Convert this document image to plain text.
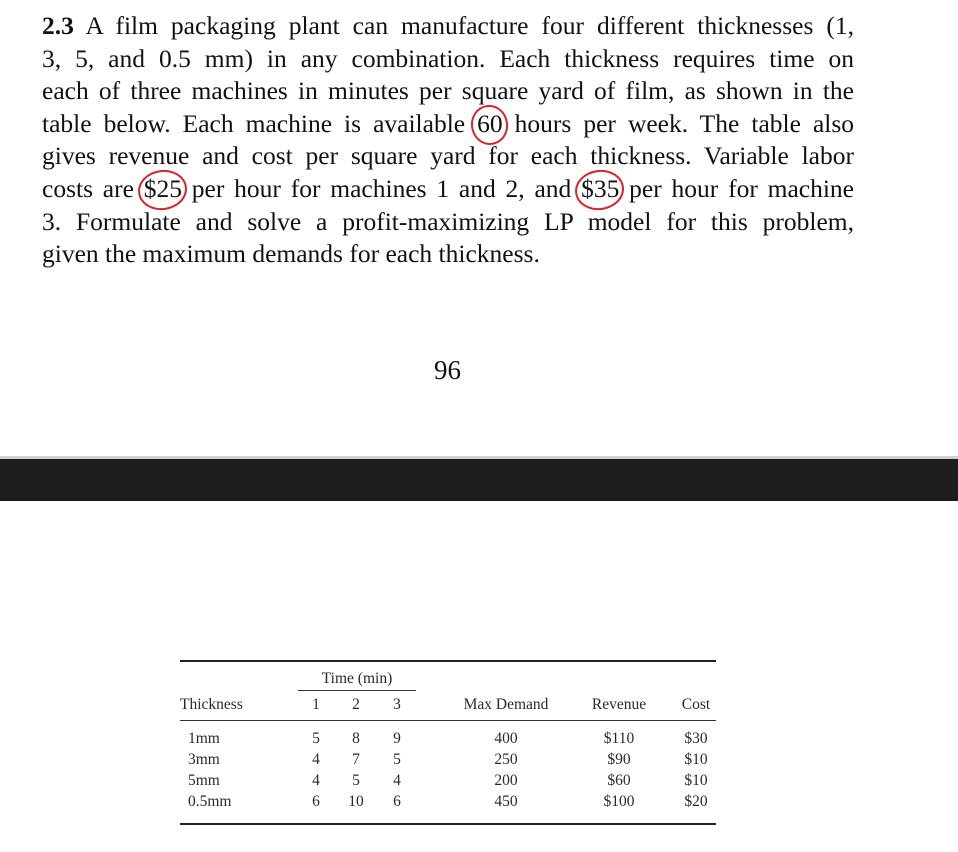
2.3 A film packaging plant can manufacture four different thicknesses (1,
3, 5, and 0.5 mm) in any combination. Each thickness requires time on
each of three machines in minutes per square yard of film, as shown in the
table below. Each machine is available 60 hours per week. The table also
gives revenue and cost per square yard for each thickness. Variable labor
costs are $25 per hour for machines 1 and 2, and $35 per hour for machine
3. Formulate and solve a profit-maximizing LP model for this problem,
given the maximum demands for each thickness.
96
Time (min)
Thickness	1 2 3	Max Demand	Revenue Cost
1mm	5 8 9	400	$110	$30
3mm	4 7 5	250	$90	$10
5mm	4 5 4	200	$60	$10
0.5mm	6 10 6	450	$100	$20
